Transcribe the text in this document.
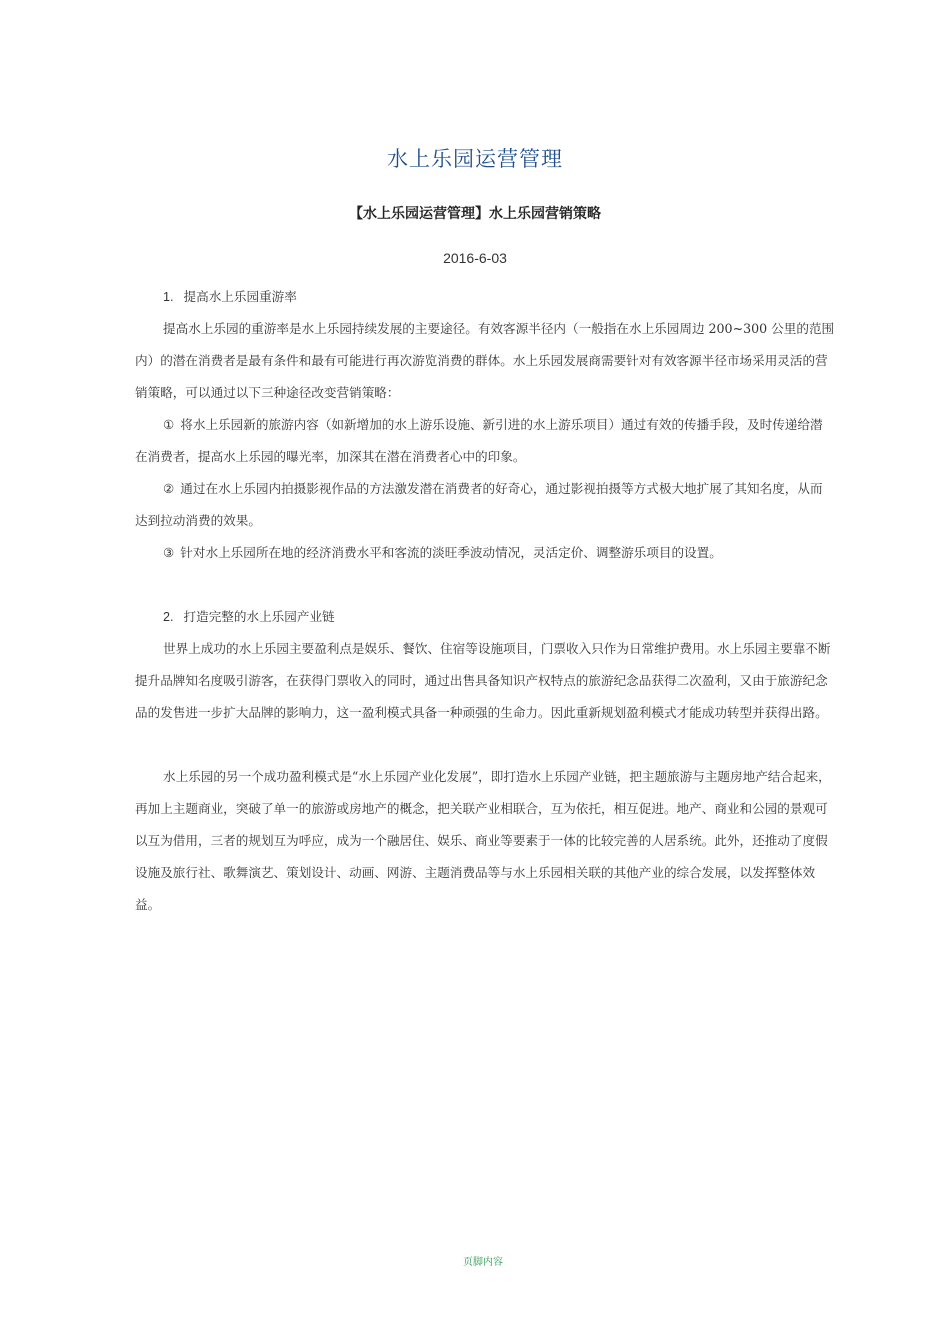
水上乐园运营管理
【水上乐园运营管理】水上乐园营销策略
2016-6-03

1. 提高水上乐园重游率

提高水上乐园的重游率是水上乐园持续发展的主要途径。有效客源半径内（一般指在水上乐园周边 200~300 公里的范围内）的潜在消费者是最有条件和最有可能进行再次游览消费的群体。水上乐园发展商需要针对有效客源半径市场采用灵活的营销策略，可以通过以下三种途径改变营销策略：

① 将水上乐园新的旅游内容（如新增加的水上游乐设施、新引进的水上游乐项目）通过有效的传播手段，及时传递给潜在消费者，提高水上乐园的曝光率，加深其在潜在消费者心中的印象。

② 通过在水上乐园内拍摄影视作品的方法激发潜在消费者的好奇心，通过影视拍摄等方式极大地扩展了其知名度，从而达到拉动消费的效果。

③ 针对水上乐园所在地的经济消费水平和客流的淡旺季波动情况，灵活定价、调整游乐项目的设置。

2. 打造完整的水上乐园产业链

世界上成功的水上乐园主要盈利点是娱乐、餐饮、住宿等设施项目，门票收入只作为日常维护费用。水上乐园主要靠不断提升品牌知名度吸引游客，在获得门票收入的同时，通过出售具备知识产权特点的旅游纪念品获得二次盈利，又由于旅游纪念品的发售进一步扩大品牌的影响力，这一盈利模式具备一种顽强的生命力。因此重新规划盈利模式才能成功转型并获得出路。

水上乐园的另一个成功盈利模式是“水上乐园产业化发展”，即打造水上乐园产业链，把主题旅游与主题房地产结合起来，再加上主题商业，突破了单一的旅游或房地产的概念，把关联产业相联合，互为依托，相互促进。地产、商业和公园的景观可以互为借用，三者的规划互为呼应，成为一个融居住、娱乐、商业等要素于一体的比较完善的人居系统。此外，还推动了度假设施及旅行社、歌舞演艺、策划设计、动画、网游、主题消费品等与水上乐园相关联的其他产业的综合发展，以发挥整体效益。

页脚内容
